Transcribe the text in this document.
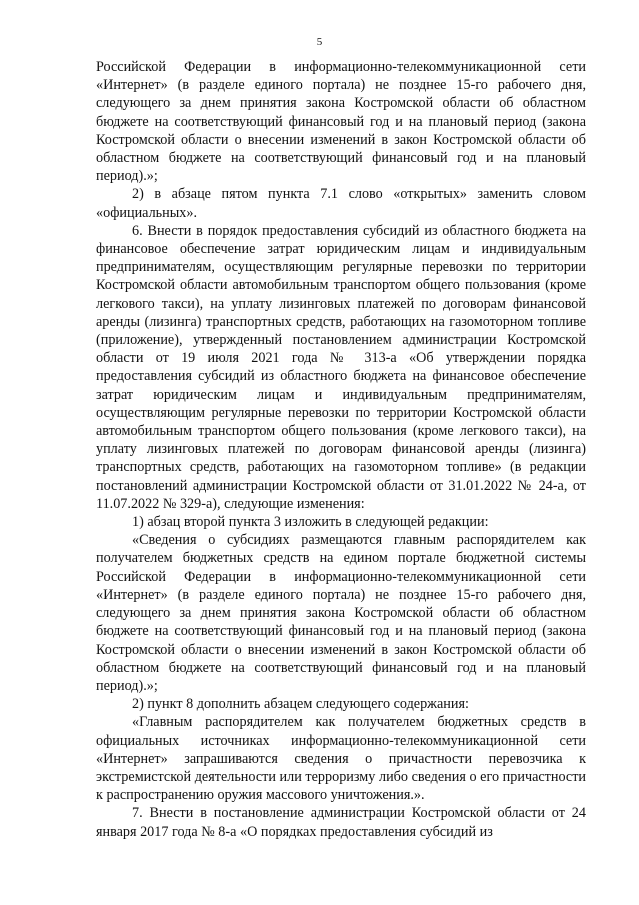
5

Российской Федерации в информационно-телекоммуникационной сети «Интернет» (в разделе единого портала) не позднее 15-го рабочего дня, следующего за днем принятия закона Костромской области об областном бюджете на соответствующий финансовый год и на плановый период (закона Костромской области о внесении изменений в закон Костромской области об областном бюджете на соответствующий финансовый год и на плановый период).»;

2) в абзаце пятом пункта 7.1 слово «открытых» заменить словом «официальных».

6. Внести в порядок предоставления субсидий из областного бюджета на финансовое обеспечение затрат юридическим лицам и индивидуальным предпринимателям, осуществляющим регулярные перевозки по территории Костромской области автомобильным транспортом общего пользования (кроме легкового такси), на уплату лизинговых платежей по договорам финансовой аренды (лизинга) транспортных средств, работающих на газомоторном топливе (приложение), утвержденный постановлением администрации Костромской области от 19 июля 2021 года № 313-а «Об утверждении порядка предоставления субсидий из областного бюджета на финансовое обеспечение затрат юридическим лицам и индивидуальным предпринимателям, осуществляющим регулярные перевозки по территории Костромской области автомобильным транспортом общего пользования (кроме легкового такси), на уплату лизинговых платежей по договорам финансовой аренды (лизинга) транспортных средств, работающих на газомоторном топливе» (в редакции постановлений администрации Костромской области от 31.01.2022 № 24-а, от 11.07.2022 № 329-а), следующие изменения:

1) абзац второй пункта 3 изложить в следующей редакции:

«Сведения о субсидиях размещаются главным распорядителем как получателем бюджетных средств на едином портале бюджетной системы Российской Федерации в информационно-телекоммуникационной сети «Интернет» (в разделе единого портала) не позднее 15-го рабочего дня, следующего за днем принятия закона Костромской области об областном бюджете на соответствующий финансовый год и на плановый период (закона Костромской области о внесении изменений в закон Костромской области об областном бюджете на соответствующий финансовый год и на плановый период).»;

2) пункт 8 дополнить абзацем следующего содержания:

«Главным распорядителем как получателем бюджетных средств в официальных источниках информационно-телекоммуникационной сети «Интернет» запрашиваются сведения о причастности перевозчика к экстремистской деятельности или терроризму либо сведения о его причастности к распространению оружия массового уничтожения.».

7. Внести в постановление администрации Костромской области от 24 января 2017 года № 8-а «О порядках предоставления субсидий из
